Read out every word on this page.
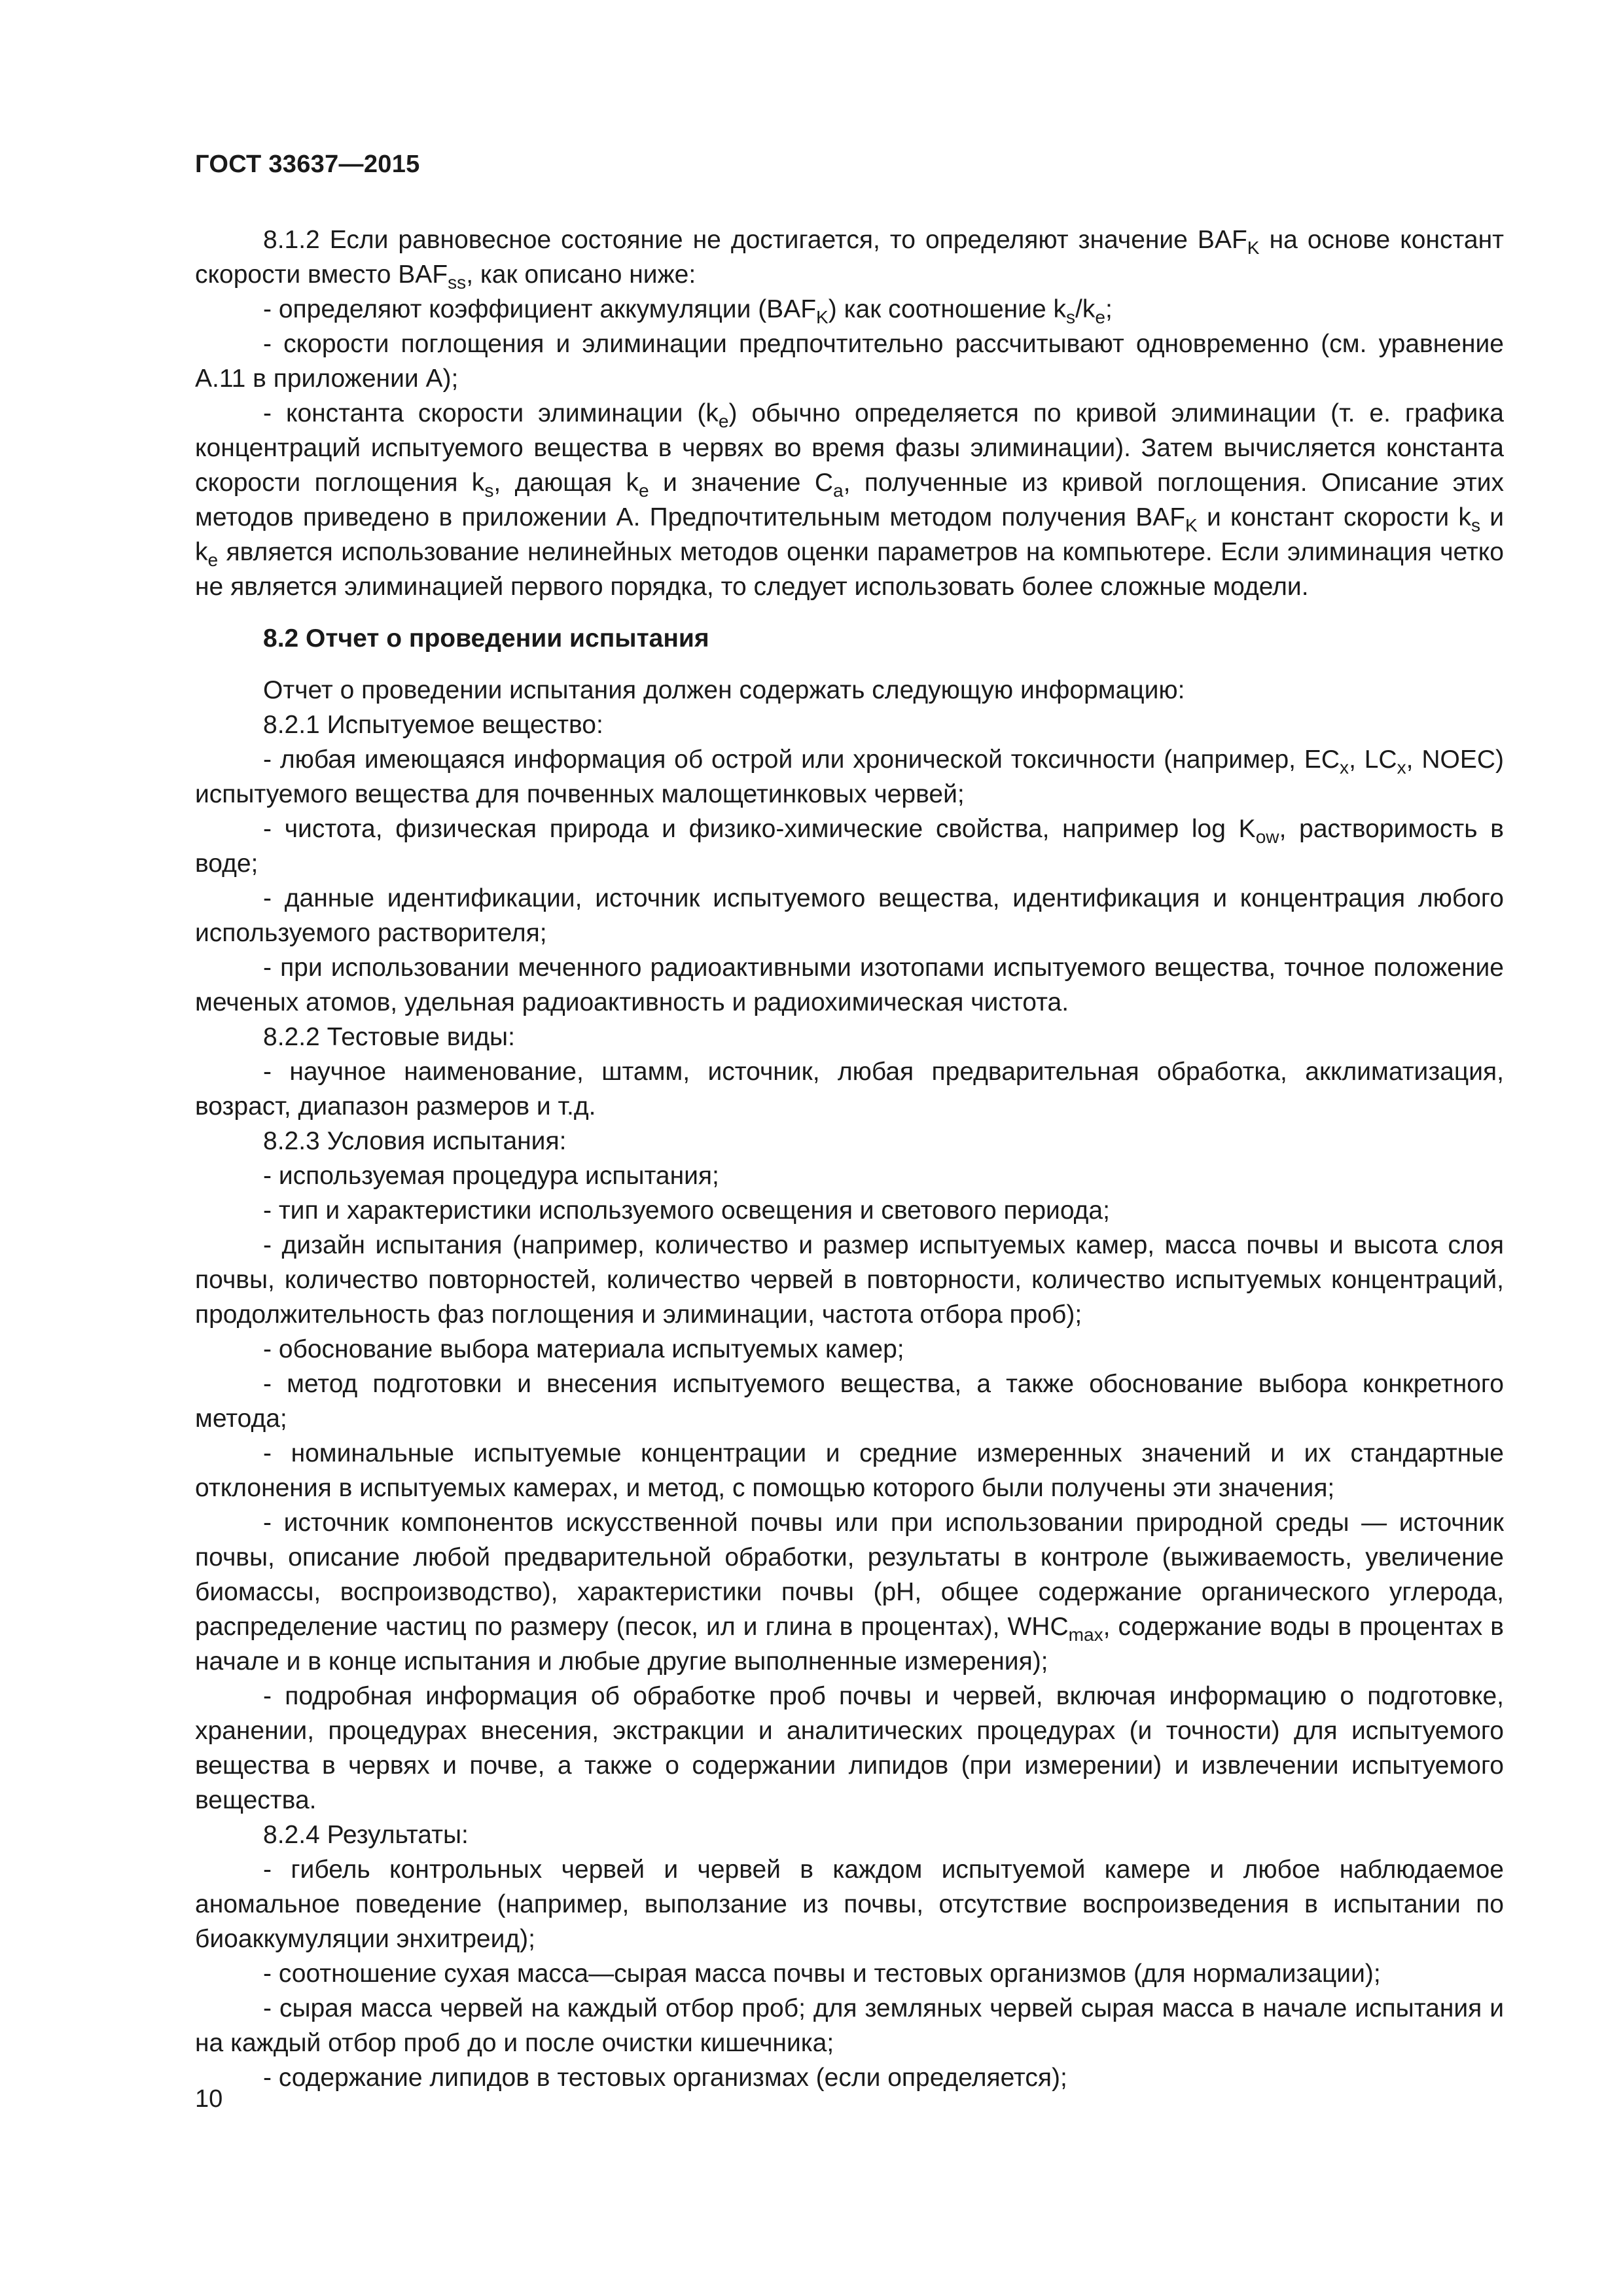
ГОСТ 33637—2015

8.1.2 Если равновесное состояние не достигается, то определяют значение $BAF_K$ на основе констант скорости вместо $BAF_{ss}$, как описано ниже:

- определяют коэффициент аккумуляции $(BAF_K)$ как соотношение $k_s/k_e$;

- скорости поглощения и элиминации предпочтительно рассчитывают одновременно (см. уравнение А.11 в приложении А);

- константа скорости элиминации $(k_e)$ обычно определяется по кривой элиминации (т. е. графика концентраций испытуемого вещества в червях во время фазы элиминации). Затем вычисляется константа скорости поглощения $k_s$, дающая $k_e$ и значение $C_a$, полученные из кривой поглощения. Описание этих методов приведено в приложении А. Предпочтительным методом получения $BAF_K$ и констант скорости $k_s$ и $k_e$ является использование нелинейных методов оценки параметров на компьютере. Если элиминация четко не является элиминацией первого порядка, то следует использовать более сложные модели.

8.2 Отчет о проведении испытания

Отчет о проведении испытания должен содержать следующую информацию:

8.2.1 Испытуемое вещество:

- любая имеющаяся информация об острой или хронической токсичности (например, $EC_x$, $LC_x$, NOEC) испытуемого вещества для почвенных малощетинковых червей;

- чистота, физическая природа и физико-химические свойства, например $\log K_{ow}$, растворимость в воде;

- данные идентификации, источник испытуемого вещества, идентификация и концентрация любого используемого растворителя;

- при использовании меченного радиоактивными изотопами испытуемого вещества, точное положение меченых атомов, удельная радиоактивность и радиохимическая чистота.

8.2.2 Тестовые виды:

- научное наименование, штамм, источник, любая предварительная обработка, акклиматизация, возраст, диапазон размеров и т.д.

8.2.3 Условия испытания:

- используемая процедура испытания;

- тип и характеристики используемого освещения и светового периода;

- дизайн испытания (например, количество и размер испытуемых камер, масса почвы и высота слоя почвы, количество повторностей, количество червей в повторности, количество испытуемых концентраций, продолжительность фаз поглощения и элиминации, частота отбора проб);

- обоснование выбора материала испытуемых камер;

- метод подготовки и внесения испытуемого вещества, а также обоснование выбора конкретного метода;

- номинальные испытуемые концентрации и средние измеренных значений и их стандартные отклонения в испытуемых камерах, и метод, с помощью которого были получены эти значения;

- источник компонентов искусственной почвы или при использовании природной среды — источник почвы, описание любой предварительной обработки, результаты в контроле (выживаемость, увеличение биомассы, воспроизводство), характеристики почвы (pH, общее содержание органического углерода, распределение частиц по размеру (песок, ил и глина в процентах), $WHC_{max}$, содержание воды в процентах в начале и в конце испытания и любые другие выполненные измерения);

- подробная информация об обработке проб почвы и червей, включая информацию о подготовке, хранении, процедурах внесения, экстракции и аналитических процедурах (и точности) для испытуемого вещества в червях и почве, а также о содержании липидов (при измерении) и извлечении испытуемого вещества.

8.2.4 Результаты:

- гибель контрольных червей и червей в каждом испытуемой камере и любое наблюдаемое аномальное поведение (например, выползание из почвы, отсутствие воспроизведения в испытании по биоаккумуляции энхитреид);

- соотношение сухая масса—сырая масса почвы и тестовых организмов (для нормализации);

- сырая масса червей на каждый отбор проб; для земляных червей сырая масса в начале испытания и на каждый отбор проб до и после очистки кишечника;

- содержание липидов в тестовых организмах (если определяется);

10
